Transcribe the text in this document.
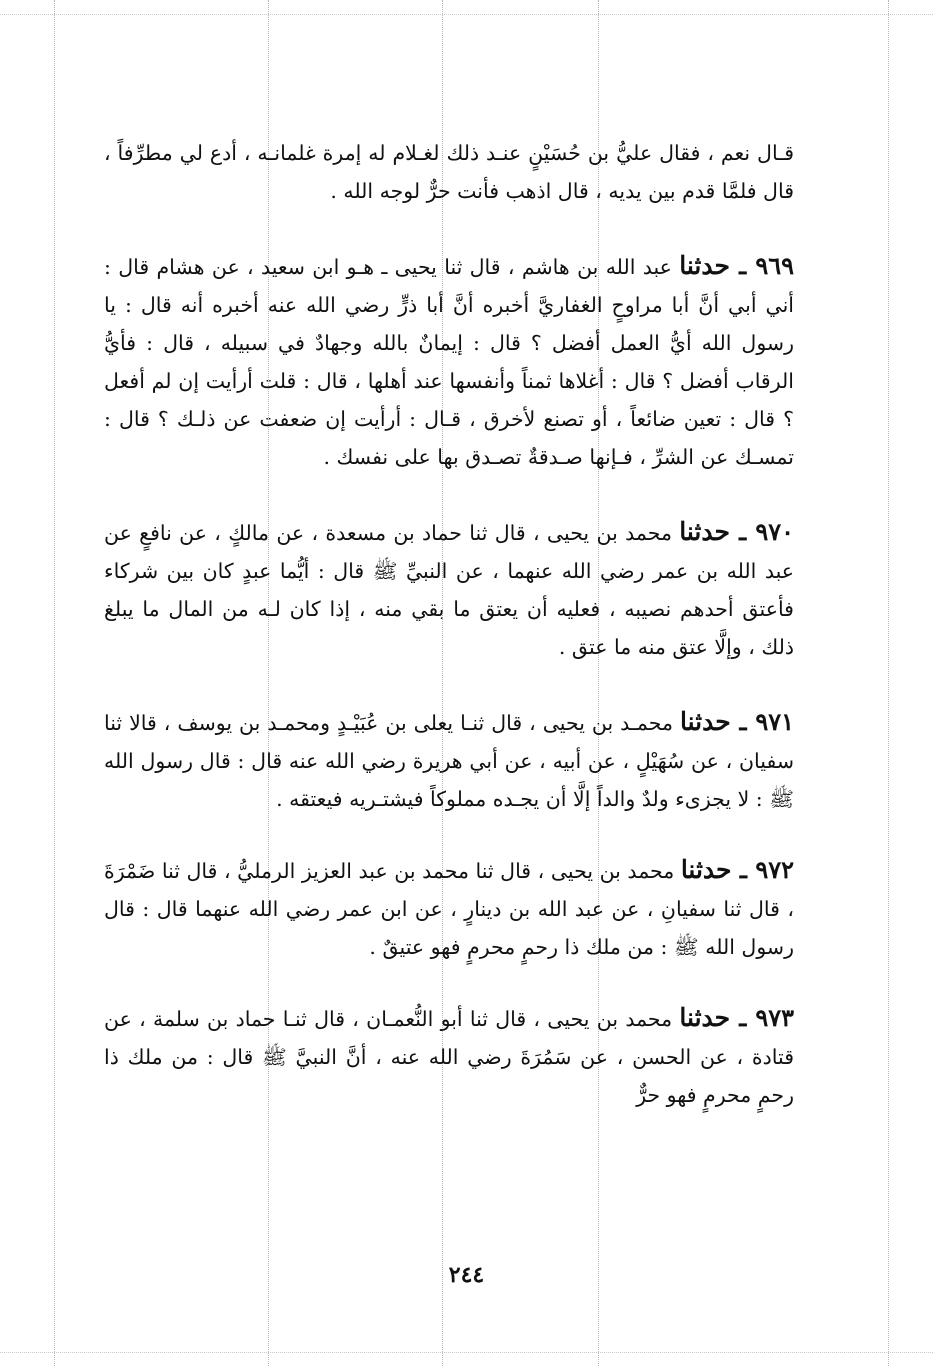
قـال نعم ، فقال عليُّ بن حُسَيْنٍ عنـد ذلك لغـلام له إمرة غلمانـه ، أدع لي مطرِّفاً ، قال فلمَّا قدم بين يديه ، قال اذهب فأنت حرٌّ لوجه الله .

٩٦٩ ـ حدثنا عبد الله بن هاشم ، قال ثنا يحيى ـ هـو ابن سعيد ، عن هشام قال : أني أبي أنَّ أبا مراوحٍ الغفاريَّ أخبره أنَّ أبا ذرٍّ رضي الله عنه أخبره أنه قال : يا رسول الله أيُّ العمل أفضل ؟ قال : إيمانٌ بالله وجهادٌ في سبيله ، قال : فأيُّ الرقاب أفضل ؟ قال : أغلاها ثمناً وأنفسها عند أهلها ، قال : قلت أرأيت إن لم أفعل ؟ قال : تعين ضائعاً ، أو تصنع لأخرق ، قـال : أرأيت إن ضعفت عن ذلـك ؟ قال : تمسـك عن الشرِّ ، فـإنها صـدقةٌ تصـدق بها على نفسك .

٩٧٠ ـ حدثنا محمد بن يحيى ، قال ثنا حماد بن مسعدة ، عن مالكٍ ، عن نافعٍ عن عبد الله بن عمر رضي الله عنهما ، عن النبيِّ ﷺ قال : أيُّما عبدٍ كان بين شركاء فأعتق أحدهم نصيبه ، فعليه أن يعتق ما بقي منه ، إذا كان لـه من المال ما يبلغ ذلك ، وإلَّا عتق منه ما عتق .

٩٧١ ـ حدثنا محمـد بن يحيى ، قال ثنـا يعلى بن عُبَيْـدٍ ومحمـد بن يوسف ، قالا ثنا سفيان ، عن سُهَيْلٍ ، عن أبيه ، عن أبي هريرة رضي الله عنه قال : قال رسول الله ﷺ : لا يجزىء ولدٌ والداً إلَّا أن يجـده مملوكاً فيشتـريه فيعتقه .

٩٧٢ ـ حدثنا محمد بن يحيى ، قال ثنا محمد بن عبد العزيز الرمليُّ ، قال ثنا ضَمْرَةَ ، قال ثنا سفيانِ ، عن عبد الله بن دينارٍ ، عن ابن عمر رضي الله عنهما قال : قال رسول الله ﷺ : من ملك ذا رحمٍ محرمٍ فهو عتيقٌ .

٩٧٣ ـ حدثنا محمد بن يحيى ، قال ثنا أبو النُّعمـان ، قال ثنـا حماد بن سلمة ، عن قتادة ، عن الحسن ، عن سَمُرَةَ رضي الله عنه ، أنَّ النبيَّ ﷺ قال : من ملك ذا رحمٍ محرمٍ فهو حرٌّ

٢٤٤
